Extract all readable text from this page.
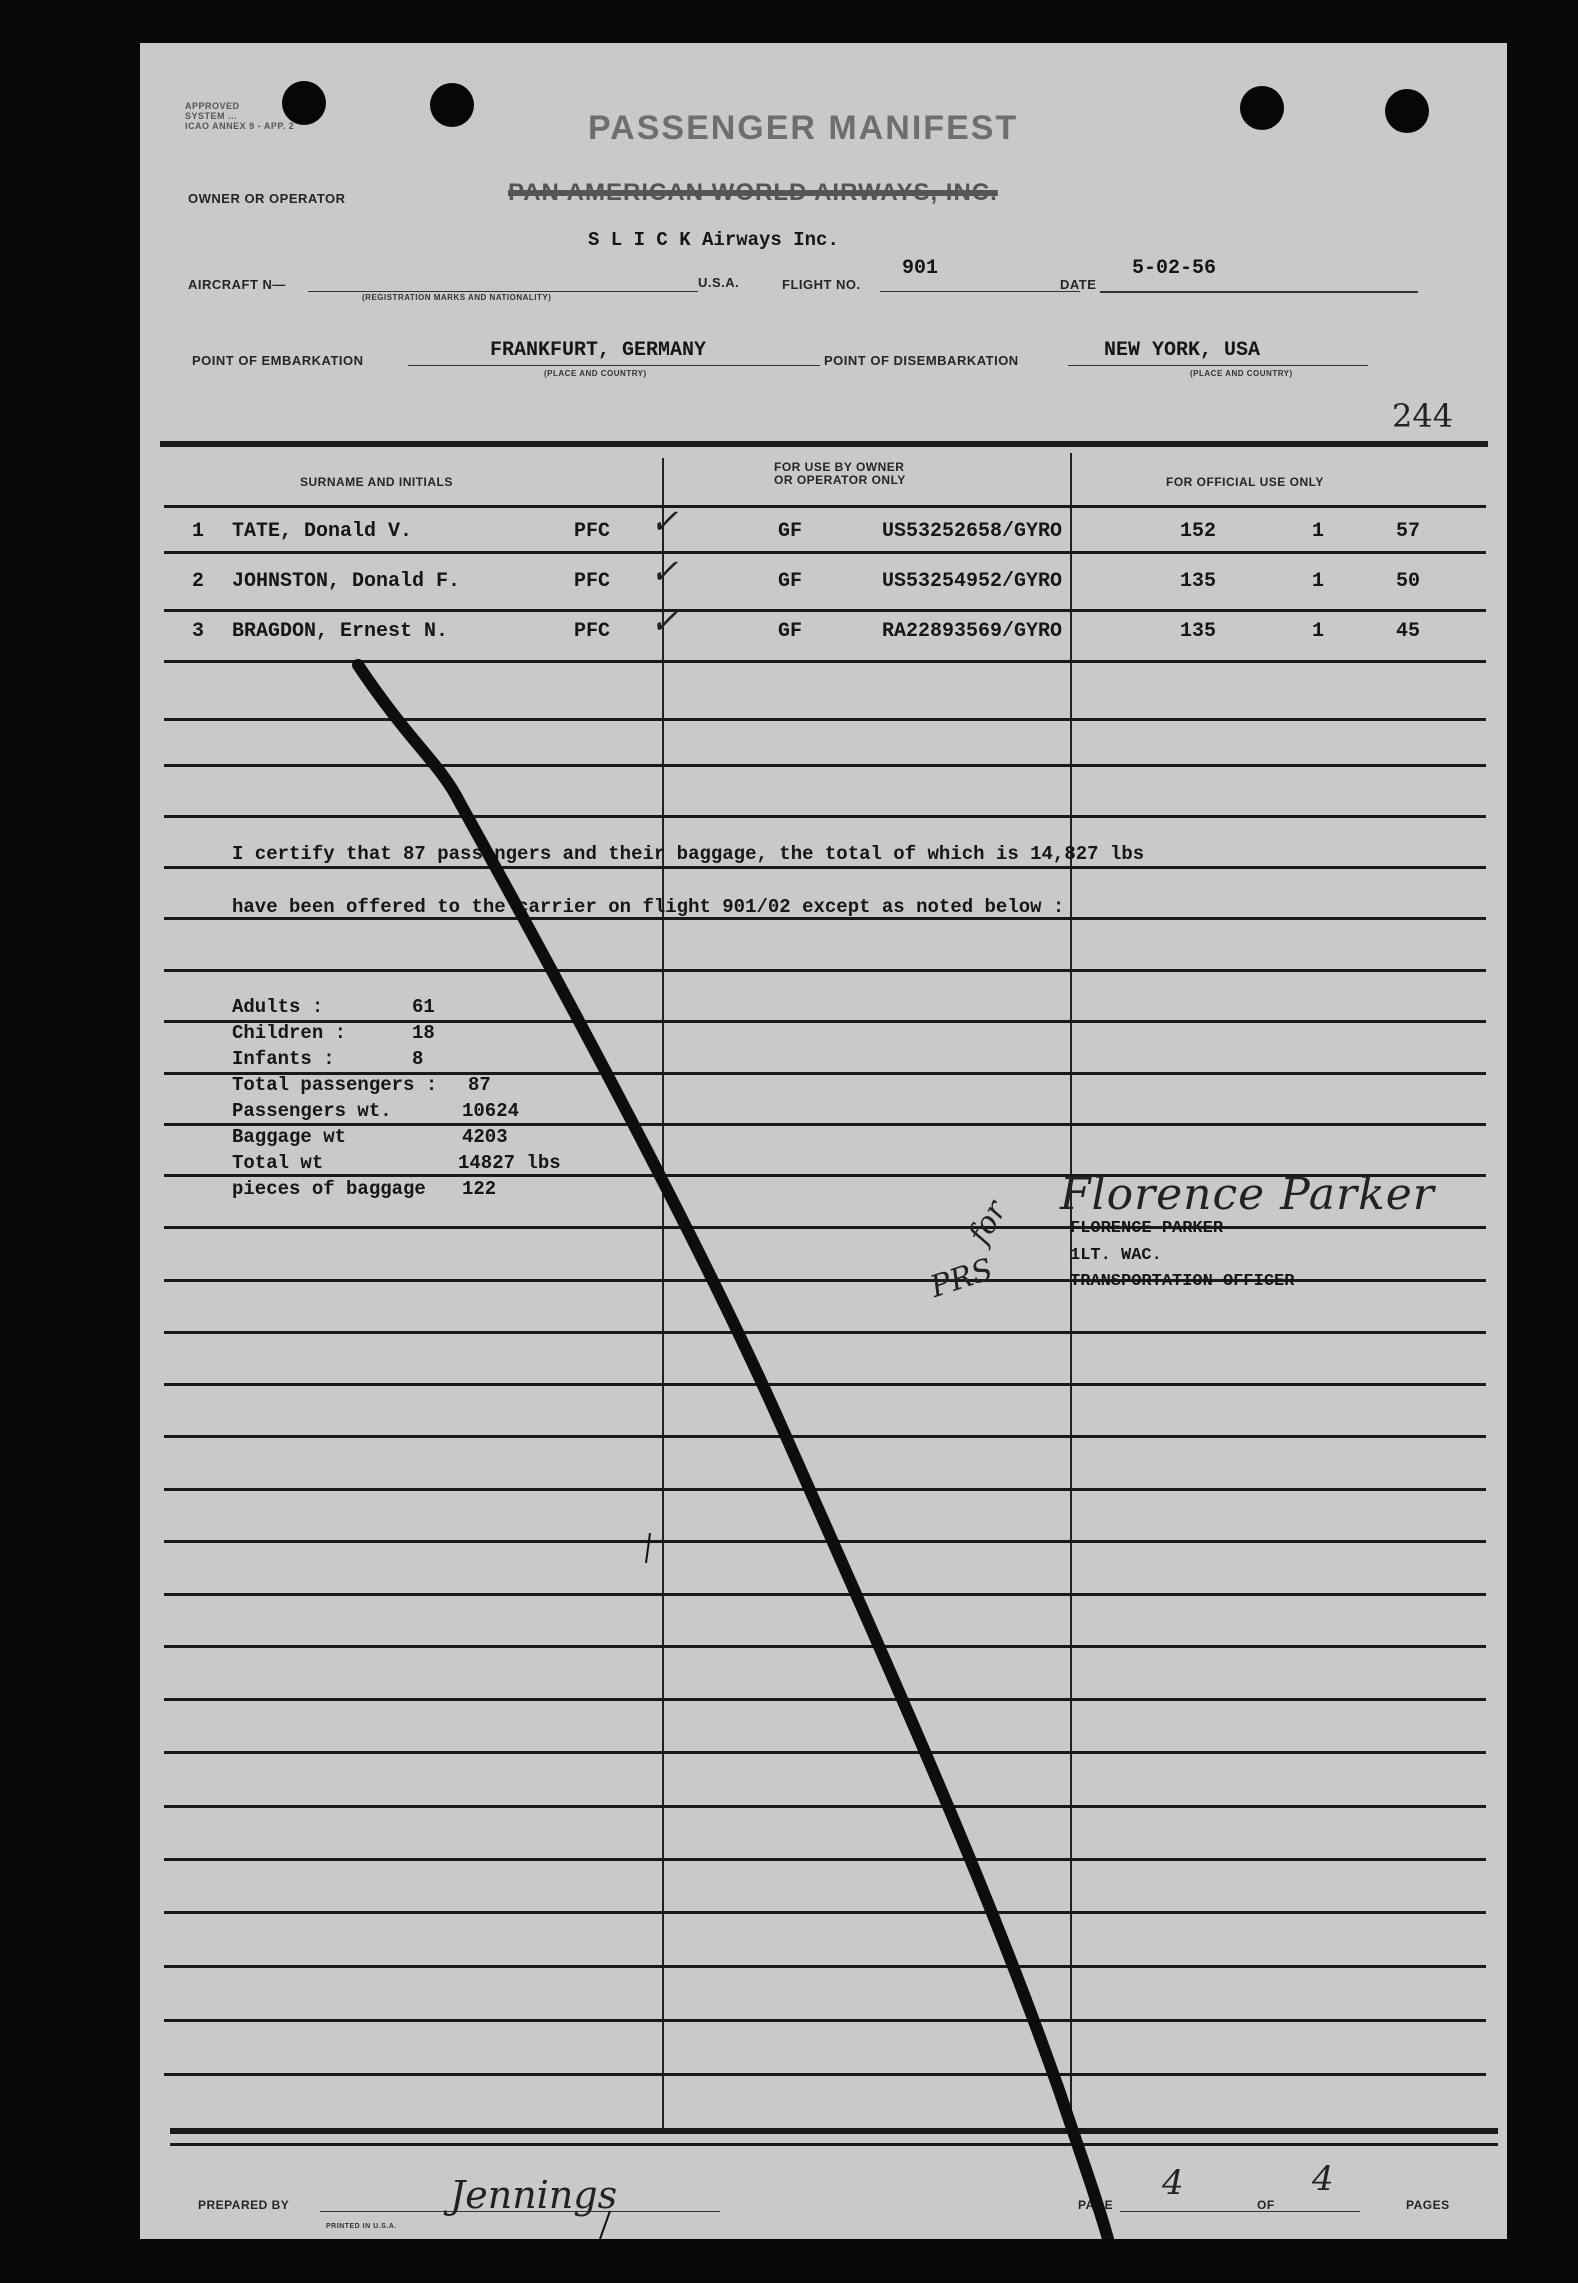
APPROVED
SYSTEM ...
ICAO ANNEX 9 - APP. 2	PASSENGER MANIFEST
OWNER OR OPERATOR	PAN AMERICAN WORLD AIRWAYS, INC.
S L I C K Airways Inc.
AIRCRAFT N—
(REGISTRATION MARKS AND NATIONALITY)
U.S.A.	FLIGHT NO.
901
DATE
5-02-56
POINT OF EMBARKATION	FRANKFURT, GERMANY
(PLACE AND COUNTRY)
POINT OF DISEMBARKATION	NEW YORK, USA
(PLACE AND COUNTRY)
244
SURNAME AND INITIALS
FOR USE BY OWNER
OR OPERATOR ONLY	FOR OFFICIAL USE ONLY
1 TATE, Donald V.	PFC	GF	US53252658/GYRO	152	1	57
✓
2 JOHNSTON, Donald F.	PFC	GF	US53254952/GYRO	135	1	50
✓
3 BRAGDON, Ernest N.	PFC	GF	RA22893569/GYRO	135	1	45
✓
I certify that 87 passengers and their baggage, the total of which is 14,827 lbs
have been offered to the carrier on flight 901/02 except as noted below :
Adults :	61
Children :	18
Infants :	8
Total passengers : 87
Passengers wt.	10624
Baggage wt	4203
Total wt	14827 lbs
pieces of baggage 122
for
PRS
Florence Parker
FLORENCE PARKER
1LT. WAC.
TRANSPORTATION OFFICER
PREPARED BY	Jennings
PRINTED IN U.S.A.
PAGE
4
OF
4
PAGES
